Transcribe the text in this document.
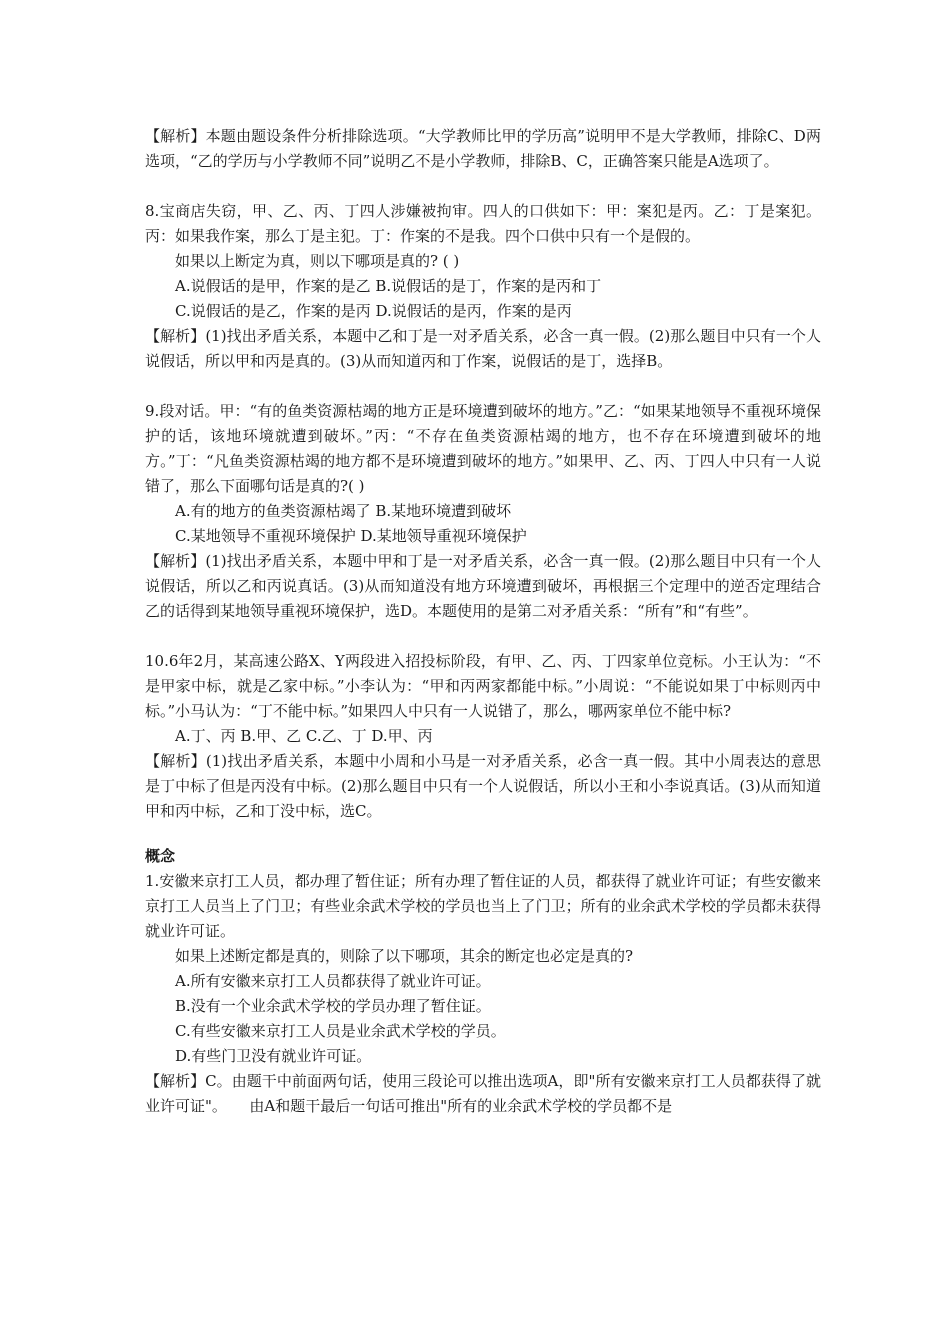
【解析】本题由题设条件分析排除选项。“大学教师比甲的学历高”说明甲不是大学教师，排除C、D两选项，“乙的学历与小学教师不同”说明乙不是小学教师，排除B、C，正确答案只能是A选项了。

8.宝商店失窃，甲、乙、丙、丁四人涉嫌被拘审。四人的口供如下：甲：案犯是丙。乙：丁是案犯。丙：如果我作案，那么丁是主犯。丁：作案的不是我。四个口供中只有一个是假的。

如果以上断定为真，则以下哪项是真的? ( )

A.说假话的是甲，作案的是乙 B.说假话的是丁，作案的是丙和丁

C.说假话的是乙，作案的是丙 D.说假话的是丙，作案的是丙

【解析】(1)找出矛盾关系，本题中乙和丁是一对矛盾关系，必含一真一假。(2)那么题目中只有一个人说假话，所以甲和丙是真的。(3)从而知道丙和丁作案，说假话的是丁，选择B。

9.段对话。甲：“有的鱼类资源枯竭的地方正是环境遭到破坏的地方。”乙：“如果某地领导不重视环境保护的话，该地环境就遭到破坏。”丙：“不存在鱼类资源枯竭的地方，也不存在环境遭到破坏的地方。”丁：“凡鱼类资源枯竭的地方都不是环境遭到破坏的地方。”如果甲、乙、丙、丁四人中只有一人说错了，那么下面哪句话是真的?( )

A.有的地方的鱼类资源枯竭了 B.某地环境遭到破坏

C.某地领导不重视环境保护 D.某地领导重视环境保护

【解析】(1)找出矛盾关系，本题中甲和丁是一对矛盾关系，必含一真一假。(2)那么题目中只有一个人说假话，所以乙和丙说真话。(3)从而知道没有地方环境遭到破坏，再根据三个定理中的逆否定理结合乙的话得到某地领导重视环境保护，选D。本题使用的是第二对矛盾关系：“所有”和“有些”。

10.6年2月，某高速公路X、Y两段进入招投标阶段，有甲、乙、丙、丁四家单位竞标。小王认为：“不是甲家中标，就是乙家中标。”小李认为：“甲和丙两家都能中标。”小周说：“不能说如果丁中标则丙中标。”小马认为：“丁不能中标。”如果四人中只有一人说错了，那么，哪两家单位不能中标?

A.丁、丙 B.甲、乙 C.乙、丁 D.甲、丙

【解析】(1)找出矛盾关系，本题中小周和小马是一对矛盾关系，必含一真一假。其中小周表达的意思是丁中标了但是丙没有中标。(2)那么题目中只有一个人说假话，所以小王和小李说真话。(3)从而知道甲和丙中标，乙和丁没中标，选C。

概念

1.安徽来京打工人员，都办理了暂住证；所有办理了暂住证的人员，都获得了就业许可证；有些安徽来京打工人员当上了门卫；有些业余武术学校的学员也当上了门卫；所有的业余武术学校的学员都未获得就业许可证。

如果上述断定都是真的，则除了以下哪项，其余的断定也必定是真的?

A.所有安徽来京打工人员都获得了就业许可证。

B.没有一个业余武术学校的学员办理了暂住证。

C.有些安徽来京打工人员是业余武术学校的学员。

D.有些门卫没有就业许可证。

【解析】C。由题干中前面两句话，使用三段论可以推出选项A，即"所有安徽来京打工人员都获得了就业许可证"。　　由A和题干最后一句话可推出"所有的业余武术学校的学员都不是
